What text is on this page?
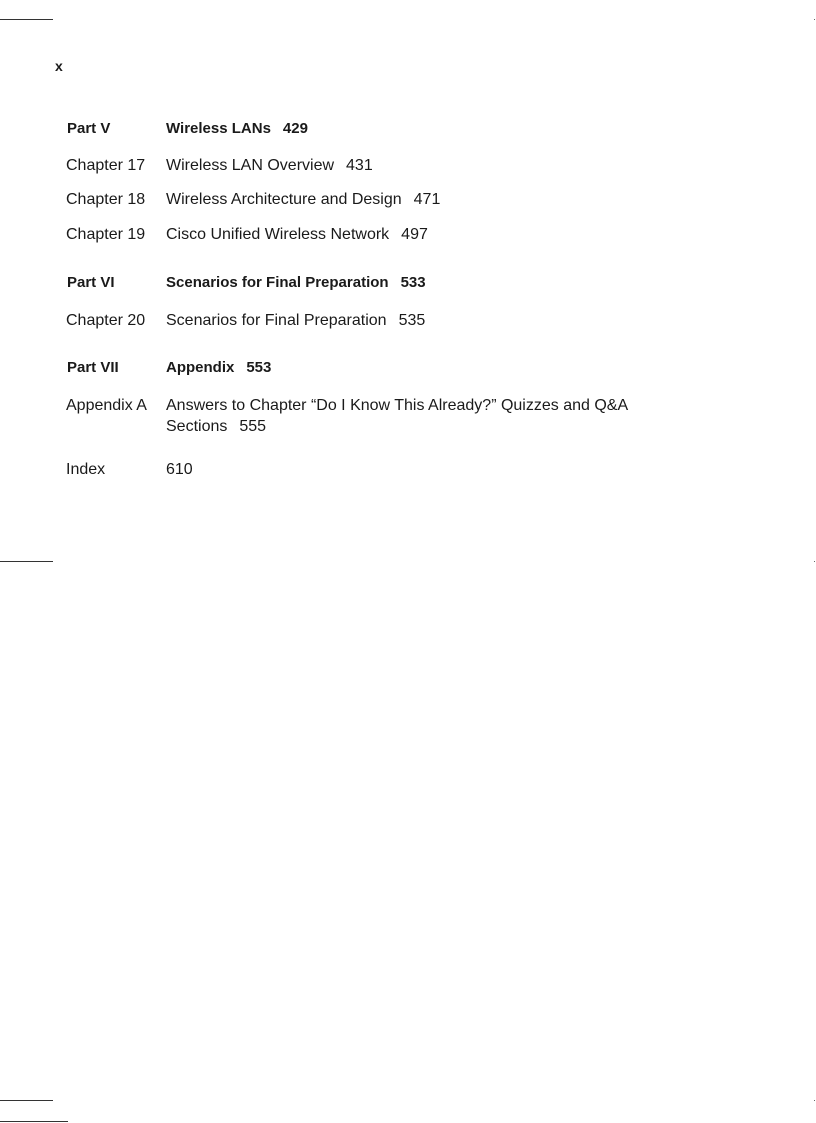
x
Part V	Wireless LANs 429
Chapter 17 Wireless LAN Overview 431
Chapter 18 Wireless Architecture and Design 471
Chapter 19 Cisco Unified Wireless Network 497
Part VI	Scenarios for Final Preparation 533
Chapter 20 Scenarios for Final Preparation 535
Part VII	Appendix 553
Appendix A Answers to Chapter “Do I Know This Already?” Quizzes and Q&A
Sections 555
Index	610
